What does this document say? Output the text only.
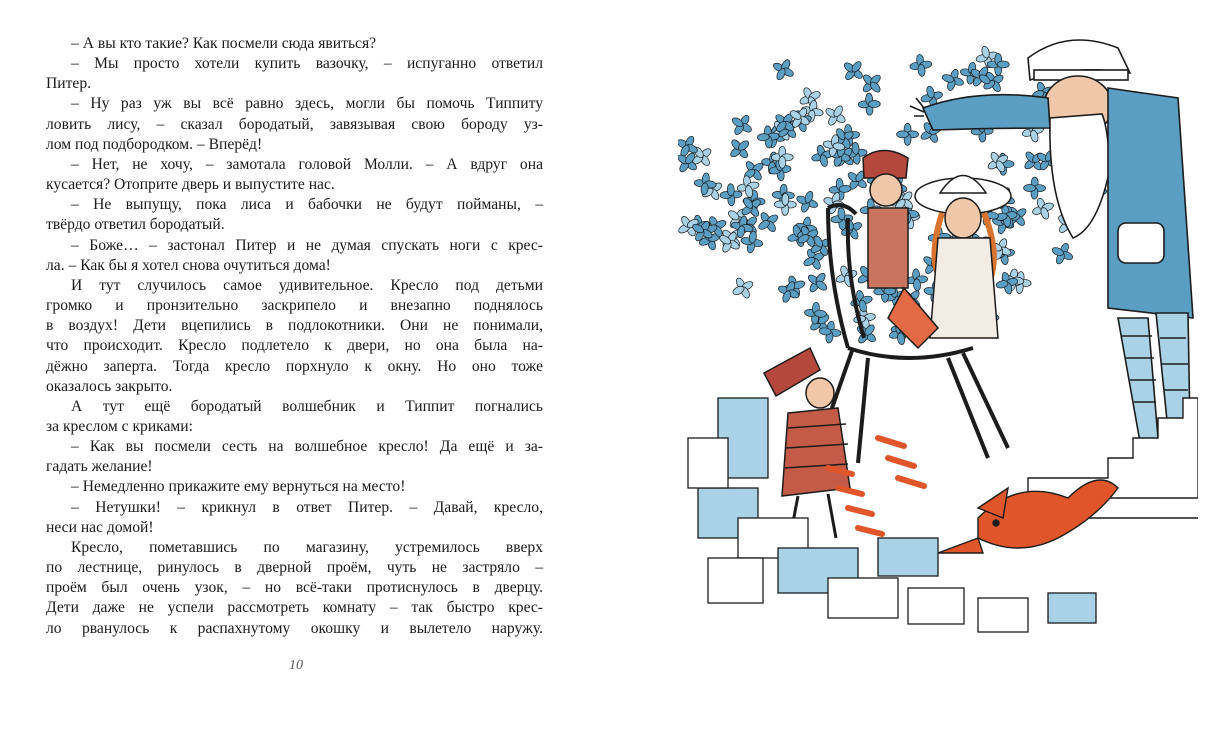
– А вы кто такие? Как посмели сюда явиться?

– Мы просто хотели купить вазочку, – испуганно ответил

Питер.

– Ну раз уж вы всё равно здесь, могли бы помочь Типпиту

ловить лису, – сказал бородатый, завязывая свою бороду уз-

лом под подбородком. – Вперёд!

– Нет, не хочу, – замотала головой Молли. – А вдруг она

кусается? Отоприте дверь и выпустите нас.

– Не выпущу, пока лиса и бабочки не будут пойманы, –

твёрдо ответил бородатый.

– Боже… – застонал Питер и не думая спускать ноги с крес-

ла. – Как бы я хотел снова очутиться дома!

И тут случилось самое удивительное. Кресло под детьми

громко и пронзительно заскрипело и внезапно поднялось

в воздух! Дети вцепились в подлокотники. Они не понимали,

что происходит. Кресло подлетело к двери, но она была на-

дёжно заперта. Тогда кресло порхнуло к окну. Но оно тоже

оказалось закрыто.

А тут ещё бородатый волшебник и Типпит погнались

за креслом с криками:

– Как вы посмели сесть на волшебное кресло! Да ещё и за-

гадать желание!

– Немедленно прикажите ему вернуться на место!

– Нетушки! – крикнул в ответ Питер. – Давай, кресло,

неси нас домой!

Кресло, пометавшись по магазину, устремилось вверх

по лестнице, ринулось в дверной проём, чуть не застряло –

проём был очень узок, – но всё-таки протиснулось в дверцу.

Дети даже не успели рассмотреть комнату – так быстро крес-

ло рванулось к распахнутому окошку и вылетело наружу.

10
